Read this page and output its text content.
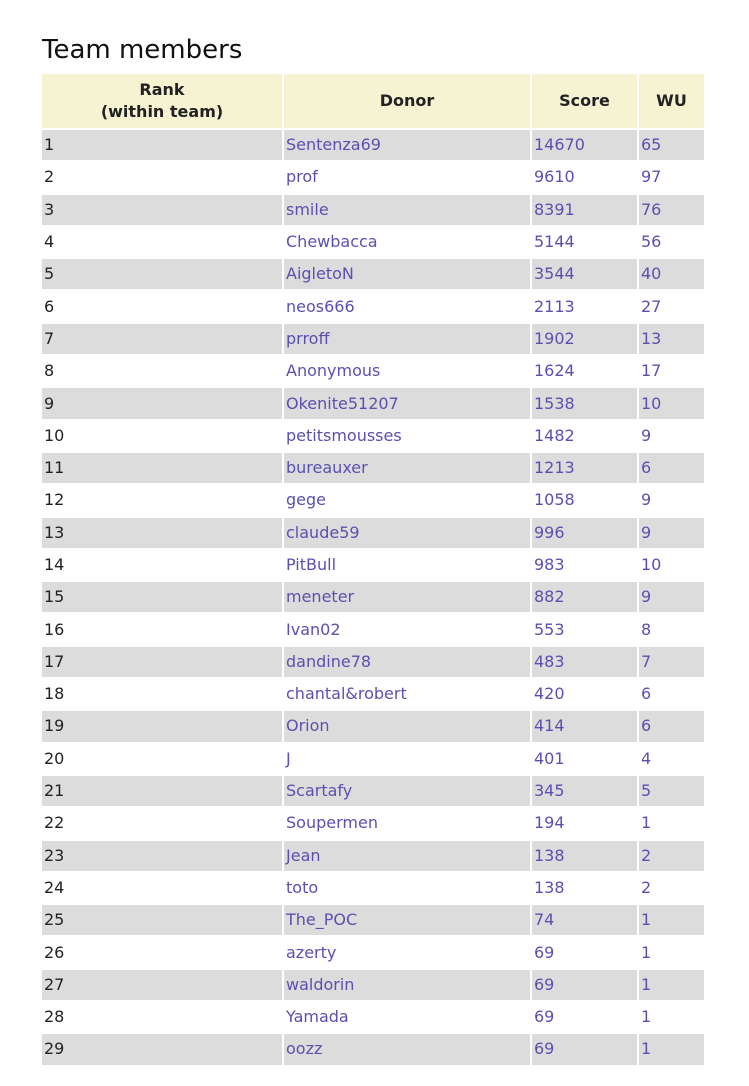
Team members
Rank
(within team)	Donor	Score	WU
1	Sentenza69	14670	65
2	prof	9610	97
3	smile	8391	76
4	Chewbacca	5144	56
5	AigletoN	3544	40
6	neos666	2113	27
7	prroff	1902	13
8	Anonymous	1624	17
9	Okenite51207	1538	10
10	petitsmousses	1482	9
11	bureauxer	1213	6
12	gege	1058	9
13	claude59	996	9
14	PitBull	983	10
15	meneter	882	9
16	Ivan02	553	8
17	dandine78	483	7
18	chantal&robert	420	6
19	Orion	414	6
20	J	401	4
21	Scartafy	345	5
22	Soupermen	194	1
23	Jean	138	2
24	toto	138	2
25	The_POC	74	1
26	azerty	69	1
27	waldorin	69	1
28	Yamada	69	1
29	oozz	69	1
